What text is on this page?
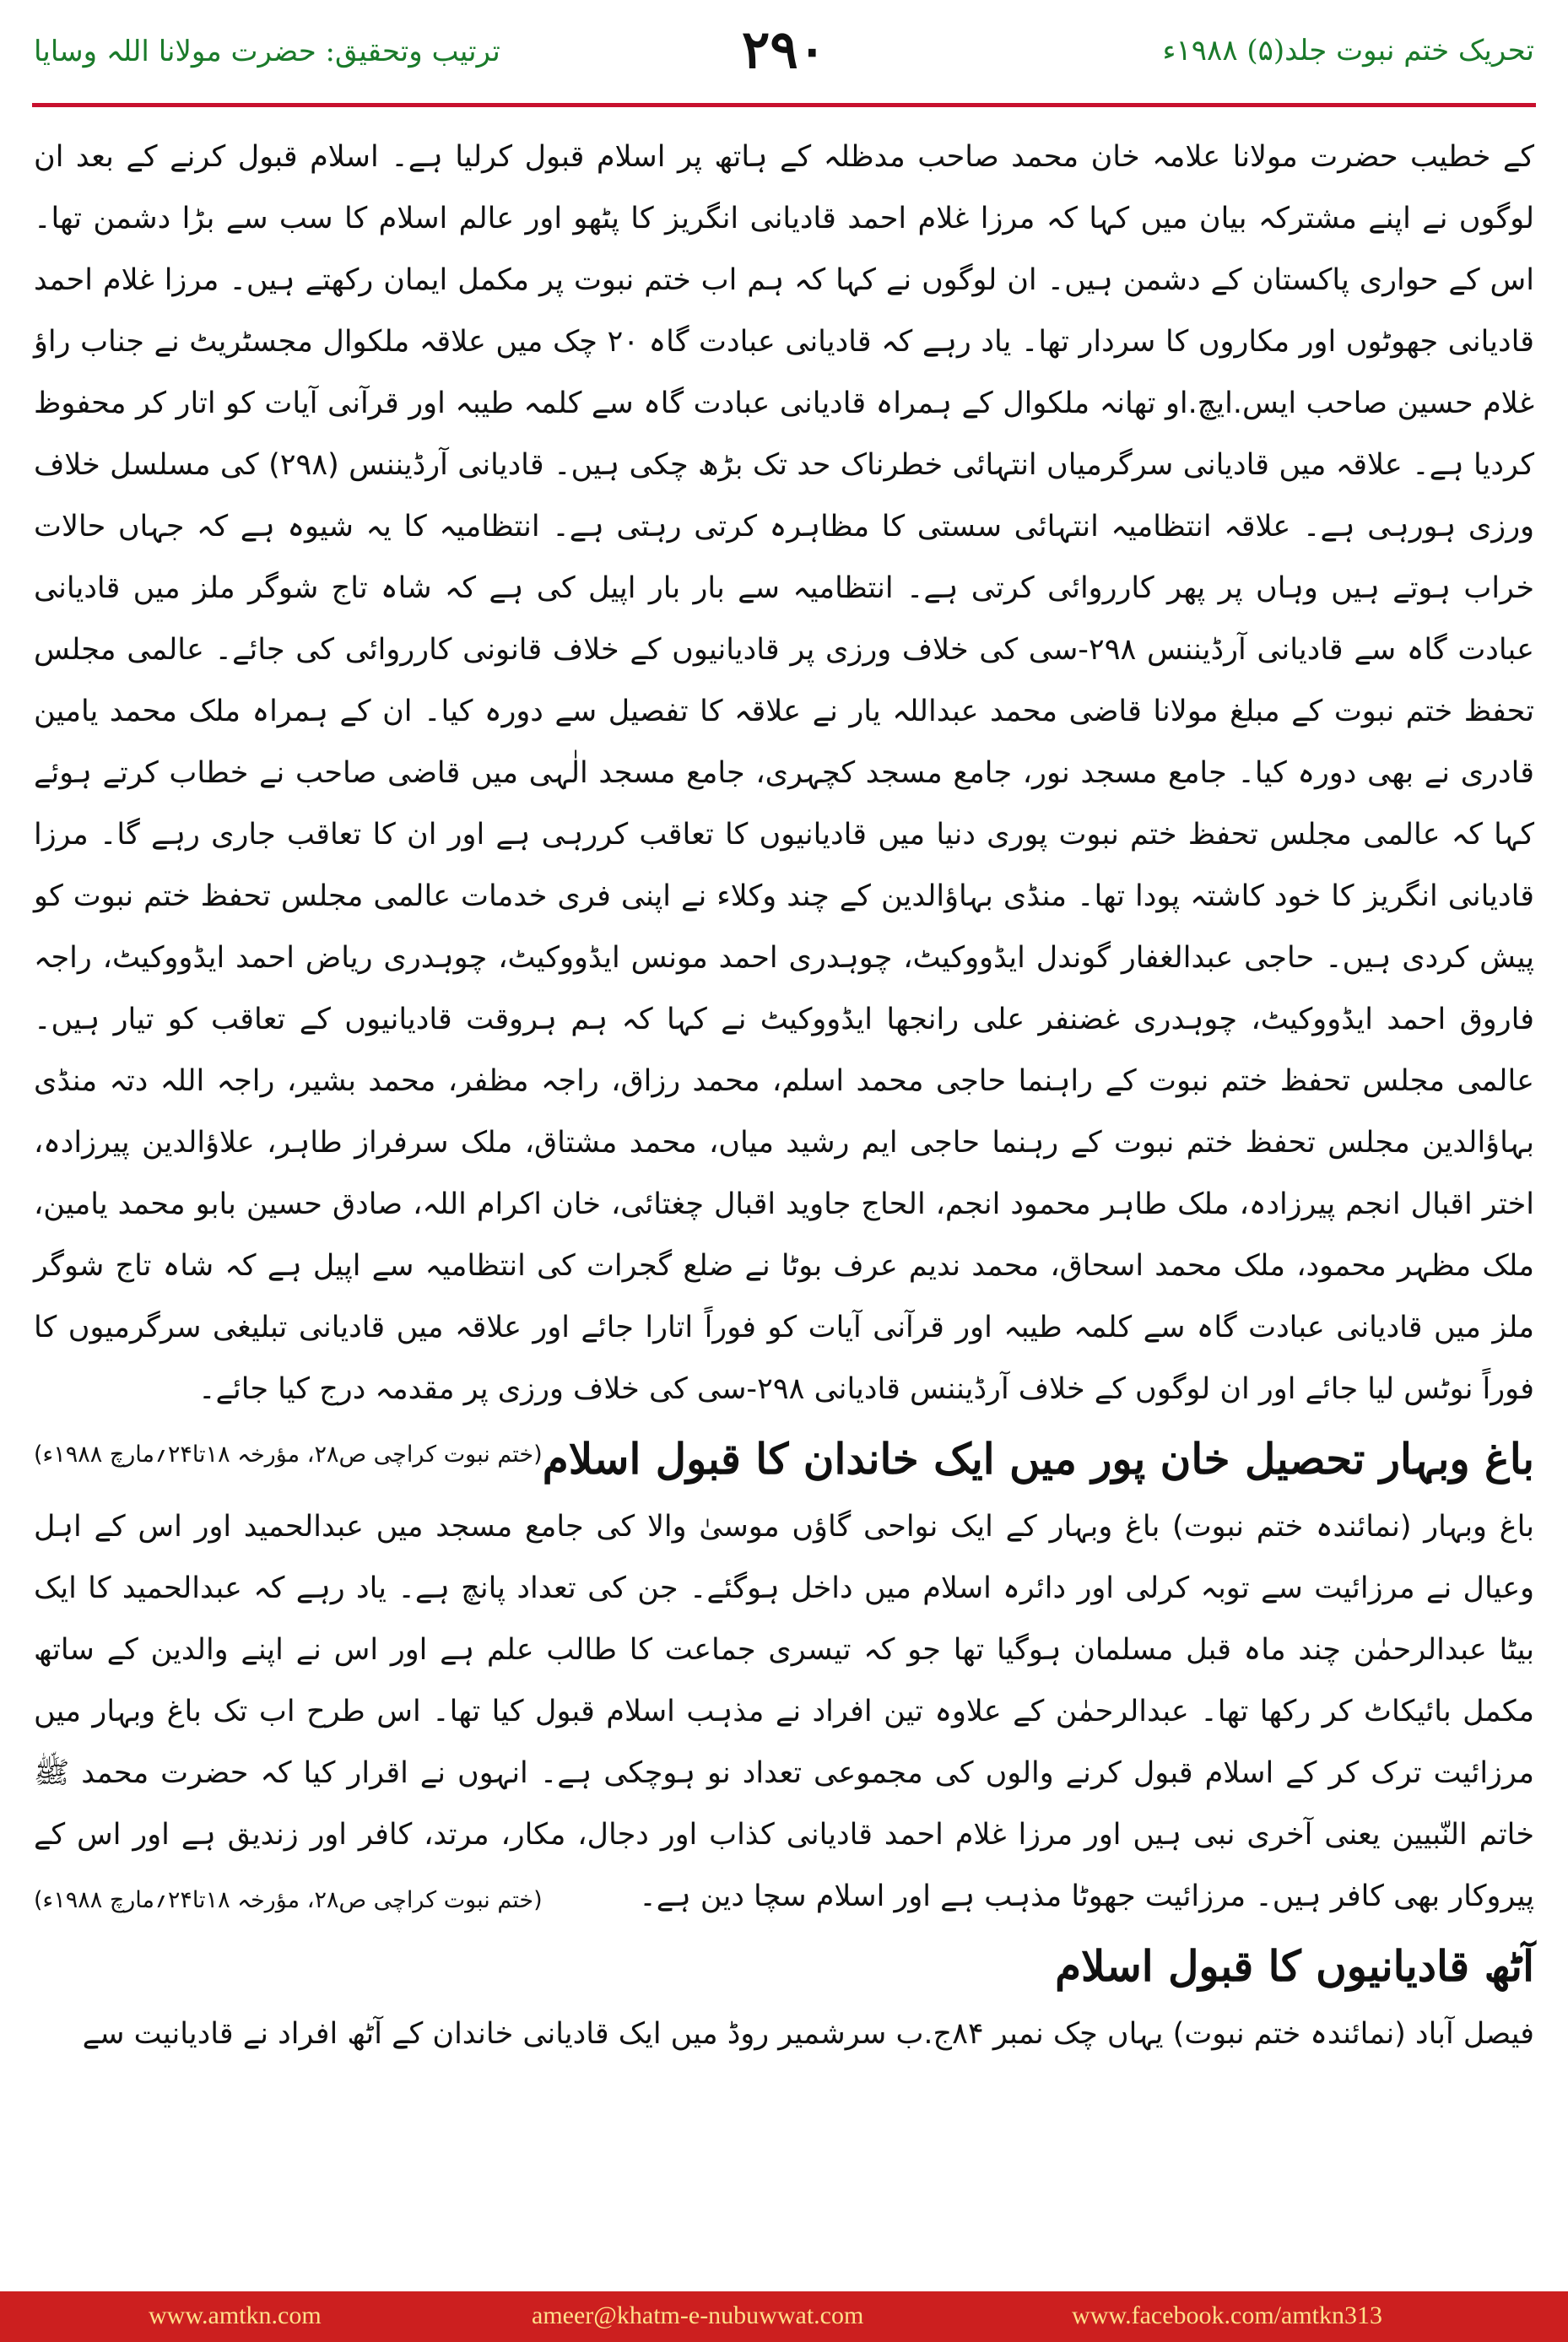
ترتیب وتحقیق: حضرت مولانا اللہ وسایا	۲۹۰	تحریک ختم نبوت جلد(۵) ۱۹۸۸ء

کے خطیب حضرت مولانا علامہ خان محمد صاحب مدظلہ کے ہاتھ پر اسلام قبول کرلیا ہے۔ اسلام قبول کرنے کے بعد ان لوگوں نے اپنے مشترکہ بیان میں کہا کہ مرزا غلام احمد قادیانی انگریز کا پٹھو اور عالم اسلام کا سب سے بڑا دشمن تھا۔ اس کے حواری پاکستان کے دشمن ہیں۔ ان لوگوں نے کہا کہ ہم اب ختم نبوت پر مکمل ایمان رکھتے ہیں۔ مرزا غلام احمد قادیانی جھوٹوں اور مکاروں کا سردار تھا۔ یاد رہے کہ قادیانی عبادت گاہ ۲۰ چک میں علاقہ ملکوال مجسٹریٹ نے جناب راؤ غلام حسین صاحب ایس.ایچ.او تھانہ ملکوال کے ہمراہ قادیانی عبادت گاہ سے کلمہ طیبہ اور قرآنی آیات کو اتار کر محفوظ کردیا ہے۔ علاقہ میں قادیانی سرگرمیاں انتہائی خطرناک حد تک بڑھ چکی ہیں۔ قادیانی آرڈیننس (۲۹۸) کی مسلسل خلاف ورزی ہورہی ہے۔ علاقہ انتظامیہ انتہائی سستی کا مظاہرہ کرتی رہتی ہے۔ انتظامیہ کا یہ شیوہ ہے کہ جہاں حالات خراب ہوتے ہیں وہاں پر پھر کارروائی کرتی ہے۔ انتظامیہ سے بار بار اپیل کی ہے کہ شاہ تاج شوگر ملز میں قادیانی عبادت گاہ سے قادیانی آرڈیننس ۲۹۸-سی کی خلاف ورزی پر قادیانیوں کے خلاف قانونی کارروائی کی جائے۔ عالمی مجلس تحفظ ختم نبوت کے مبلغ مولانا قاضی محمد عبداللہ یار نے علاقہ کا تفصیل سے دورہ کیا۔ ان کے ہمراہ ملک محمد یامین قادری نے بھی دورہ کیا۔ جامع مسجد نور، جامع مسجد کچہری، جامع مسجد الٰہی میں قاضی صاحب نے خطاب کرتے ہوئے کہا کہ عالمی مجلس تحفظ ختم نبوت پوری دنیا میں قادیانیوں کا تعاقب کررہی ہے اور ان کا تعاقب جاری رہے گا۔ مرزا قادیانی انگریز کا خود کاشتہ پودا تھا۔ منڈی بہاؤالدین کے چند وکلاء نے اپنی فری خدمات عالمی مجلس تحفظ ختم نبوت کو پیش کردی ہیں۔ حاجی عبدالغفار گوندل ایڈووکیٹ، چوہدری احمد مونس ایڈووکیٹ، چوہدری ریاض احمد ایڈووکیٹ، راجہ فاروق احمد ایڈووکیٹ، چوہدری غضنفر علی رانجھا ایڈووکیٹ نے کہا کہ ہم ہروقت قادیانیوں کے تعاقب کو تیار ہیں۔ عالمی مجلس تحفظ ختم نبوت کے راہنما حاجی محمد اسلم، محمد رزاق، راجہ مظفر، محمد بشیر، راجہ اللہ دتہ منڈی بہاؤالدین مجلس تحفظ ختم نبوت کے رہنما حاجی ایم رشید میاں، محمد مشتاق، ملک سرفراز طاہر، علاؤالدین پیرزادہ، اختر اقبال انجم پیرزادہ، ملک طاہر محمود انجم، الحاج جاوید اقبال چغتائی، خان اکرام اللہ، صادق حسین بابو محمد یامین، ملک مظہر محمود، ملک محمد اسحاق، محمد ندیم عرف بوٹا نے ضلع گجرات کی انتظامیہ سے اپیل ہے کہ شاہ تاج شوگر ملز میں قادیانی عبادت گاہ سے کلمہ طیبہ اور قرآنی آیات کو فوراً اتارا جائے اور علاقہ میں قادیانی تبلیغی سرگرمیوں کا فوراً نوٹس لیا جائے اور ان لوگوں کے خلاف آرڈیننس قادیانی ۲۹۸-سی کی خلاف ورزی پر مقدمہ درج کیا جائے۔
(ختم نبوت کراچی ص۲۸، مؤرخہ ۱۸تا۲۴؍مارچ ۱۹۸۸ء) باغ وبہار تحصیل خان پور میں ایک خاندان کا قبول اسلام

باغ وبہار (نمائندہ ختم نبوت) باغ وبہار کے ایک نواحی گاؤں موسیٰ والا کی جامع مسجد میں عبدالحمید اور اس کے اہل وعیال نے مرزائیت سے توبہ کرلی اور دائرہ اسلام میں داخل ہوگئے۔ جن کی تعداد پانچ ہے۔ یاد رہے کہ عبدالحمید کا ایک بیٹا عبدالرحمٰن چند ماہ قبل مسلمان ہوگیا تھا جو کہ تیسری جماعت کا طالب علم ہے اور اس نے اپنے والدین کے ساتھ مکمل بائیکاٹ کر رکھا تھا۔ عبدالرحمٰن کے علاوہ تین افراد نے مذہب اسلام قبول کیا تھا۔ اس طرح اب تک باغ وبہار میں مرزائیت ترک کر کے اسلام قبول کرنے والوں کی مجموعی تعداد نو ہوچکی ہے۔ انہوں نے اقرار کیا کہ حضرت محمد ﷺ خاتم النّبیین یعنی آخری نبی ہیں اور مرزا غلام احمد قادیانی کذاب اور دجال، مکار، مرتد، کافر اور زندیق ہے اور اس کے پیروکار بھی کافر ہیں۔ مرزائیت جھوٹا مذہب ہے اور اسلام سچا دین ہے۔
(ختم نبوت کراچی ص۲۸، مؤرخہ ۱۸تا۲۴؍مارچ ۱۹۸۸ء)

آٹھ قادیانیوں کا قبول اسلام

فیصل آباد (نمائندہ ختم نبوت) یہاں چک نمبر ۸۴ج.ب سرشمیر روڈ میں ایک قادیانی خاندان کے آٹھ افراد نے قادیانیت سے

www.amtkn.com	ameer@khatm-e-nubuwwat.com	www.facebook.com/amtkn313
